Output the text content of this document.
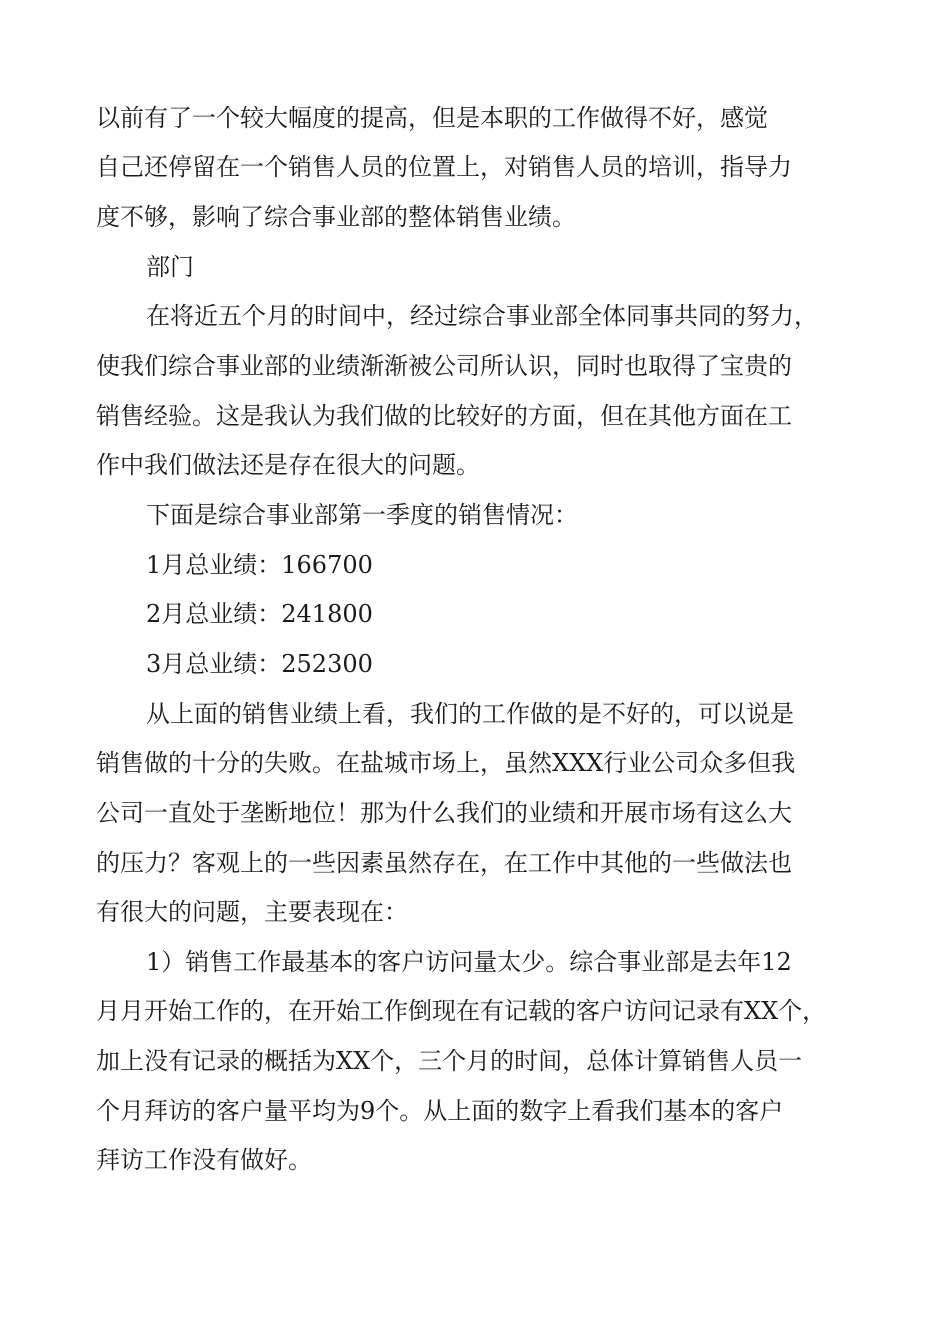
以前有了一个较大幅度的提高，但是本职的工作做得不好，感觉
自己还停留在一个销售人员的位置上，对销售人员的培训，指导力
度不够，影响了综合事业部的整体销售业绩。
部门
在将近五个月的时间中，经过综合事业部全体同事共同的努力，
使我们综合事业部的业绩渐渐被公司所认识，同时也取得了宝贵的
销售经验。这是我认为我们做的比较好的方面，但在其他方面在工
作中我们做法还是存在很大的问题。
下面是综合事业部第一季度的销售情况：
1月总业绩：166700
2月总业绩：241800
3月总业绩：252300
从上面的销售业绩上看，我们的工作做的是不好的，可以说是
销售做的十分的失败。在盐城市场上，虽然XXX行业公司众多但我
公司一直处于垄断地位！那为什么我们的业绩和开展市场有这么大
的压力？客观上的一些因素虽然存在，在工作中其他的一些做法也
有很大的问题，主要表现在：
1）销售工作最基本的客户访问量太少。综合事业部是去年12
月月开始工作的，在开始工作倒现在有记载的客户访问记录有XX个，
加上没有记录的概括为XX个，三个月的时间，总体计算销售人员一
个月拜访的客户量平均为9个。从上面的数字上看我们基本的客户
拜访工作没有做好。
